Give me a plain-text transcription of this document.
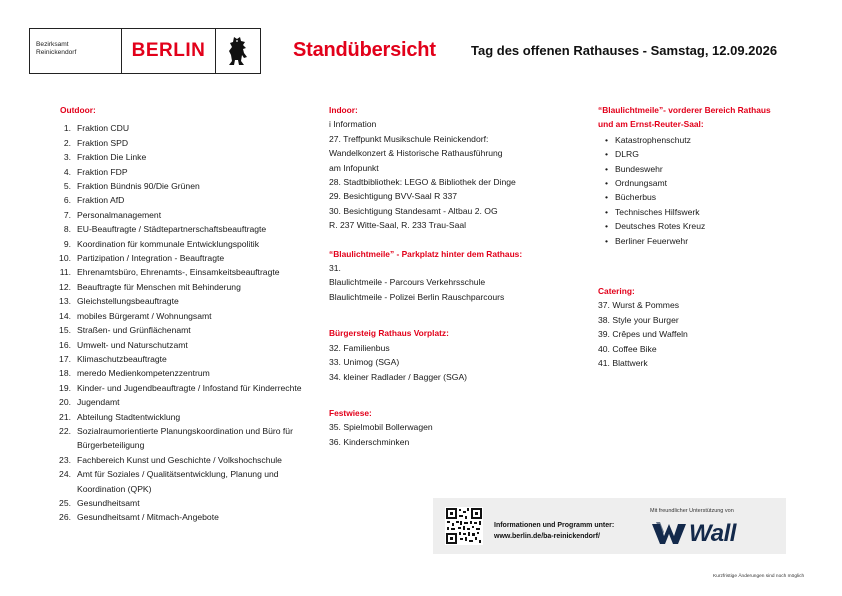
Bezirksamt
Reinickendorf	BERLIN	Standübersicht	Tag des offenen Rathauses - Samstag, 12.09.2026
Outdoor:
1. Fraktion CDU
2. Fraktion SPD
3. Fraktion Die Linke
4. Fraktion FDP
5. Fraktion Bündnis 90/Die Grünen
6. Fraktion AfD
7. Personalmanagement
8. EU-Beauftragte / Städtepartnerschaftsbeauftragte
9. Koordination für kommunale Entwicklungspolitik
10. Partizipation / Integration - Beauftragte
11. Ehrenamtsbüro, Ehrenamts-, Einsamkeitsbeauftragte
12. Beauftragte für Menschen mit Behinderung
13. Gleichstellungsbeauftragte
14. mobiles Bürgeramt / Wohnungsamt
15. Straßen- und Grünflächenamt
16. Umwelt- und Naturschutzamt
17. Klimaschutzbeauftragte
18. meredo Medienkompetenzzentrum
19. Kinder- und Jugendbeauftragte / Infostand für Kinderrechte
20. Jugendamt
21. Abteilung Stadtentwicklung
22. Sozialraumorientierte Planungskoordination und Büro für Bürgerbeteiligung
23. Fachbereich Kunst und Geschichte / Volkshochschule
24. Amt für Soziales / Qualitätsentwicklung, Planung und Koordination (QPK)
25. Gesundheitsamt
26. Gesundheitsamt / Mitmach-Angebote
Indoor:
i Information
27. Treffpunkt Musikschule Reinickendorf:
Wandelkonzert & Historische Rathausführung
am Infopunkt
28. Stadtbibliothek: LEGO & Bibliothek der Dinge
29. Besichtigung BVV-Saal R 337
30. Besichtigung Standesamt - Altbau 2. OG
R. 237 Witte-Saal, R. 233 Trau-Saal
“Blaulichtmeile” - Parkplatz hinter dem Rathaus:
31.
Blaulichtmeile - Parcours Verkehrsschule
Blaulichtmeile - Polizei Berlin Rauschparcours
Bürgersteig Rathaus Vorplatz:
32. Familienbus
33. Unimog (SGA)
34. kleiner Radlader / Bagger (SGA)
Festwiese:
35. Spielmobil Bollerwagen
36. Kinderschminken
“Blaulichtmeile”- vorderer Bereich Rathaus
und am Ernst-Reuter-Saal:
• Katastrophenschutz
• DLRG
• Bundeswehr
• Ordnungsamt
• Bücherbus
• Technisches Hilfswerk
• Deutsches Rotes Kreuz
• Berliner Feuerwehr
Catering:
37. Wurst & Pommes
38. Style your Burger
39. Crêpes und Waffeln
40. Coffee Bike
41. Blattwerk
Informationen und Programm unter:
www.berlin.de/ba-reinickendorf/
Mit freundlicher Unterstützung von
Wall
Kurzfristige Änderungen sind noch möglich
